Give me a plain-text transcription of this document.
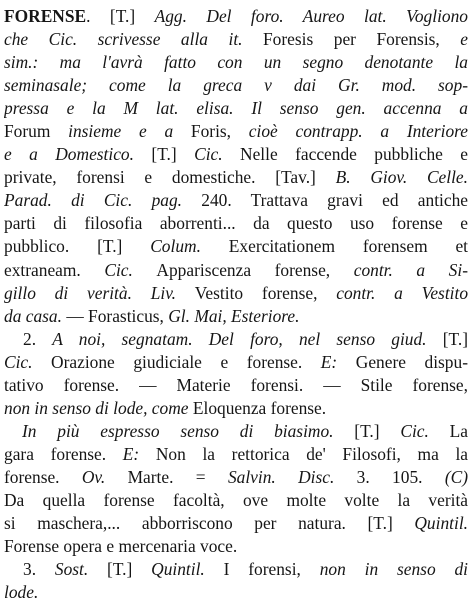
FORENSE. [T.] Agg. Del foro. Aureo lat. Vogliono
che Cic. scrivesse alla it. Foresis per Forensis, e
sim.: ma l'avrà fatto con un segno denotante la
seminasale; come la greca ν dai Gr. mod. sop-
pressa e la M lat. elisa. Il senso gen. accenna a
Forum insieme e a Foris, cioè contrapp. a Interiore
e a Domestico. [T.] Cic. Nelle faccende pubbliche e
private, forensi e domestiche. [Tav.] B. Giov. Celle.
Parad. di Cic. pag. 240. Trattava gravi ed antiche
parti di filosofia aborrenti... da questo uso forense e
pubblico. [T.] Colum. Exercitationem forensem et
extraneam. Cic. Apparisсenza forense, contr. a Si-
gillo di verità. Liv. Vestito forense, contr. a Vestito
da casa. — Forasticus, Gl. Mai, Esteriore.
2. A noi, segnatam. Del foro, nel senso giud. [T.]
Cic. Orazione giudiciale e forense. E: Genere dispu-
tativo forense. — Materie forensi. — Stile forense,
non in senso di lode, come Eloquenza forense.
In più espresso senso di biasimo. [T.] Cic. La
gara forense. E: Non la rettorica de' Filosofi, ma la
forense. Ov. Marte. = Salvin. Disc. 3. 105. (C)
Da quella forense facoltà, ove molte volte la verità
si maschera,... abborriscono per natura. [T.] Quintil.
Forense opera e mercenaria voce.
3. Sost. [T.] Quintil. I forensi, non in senso di
lode.
